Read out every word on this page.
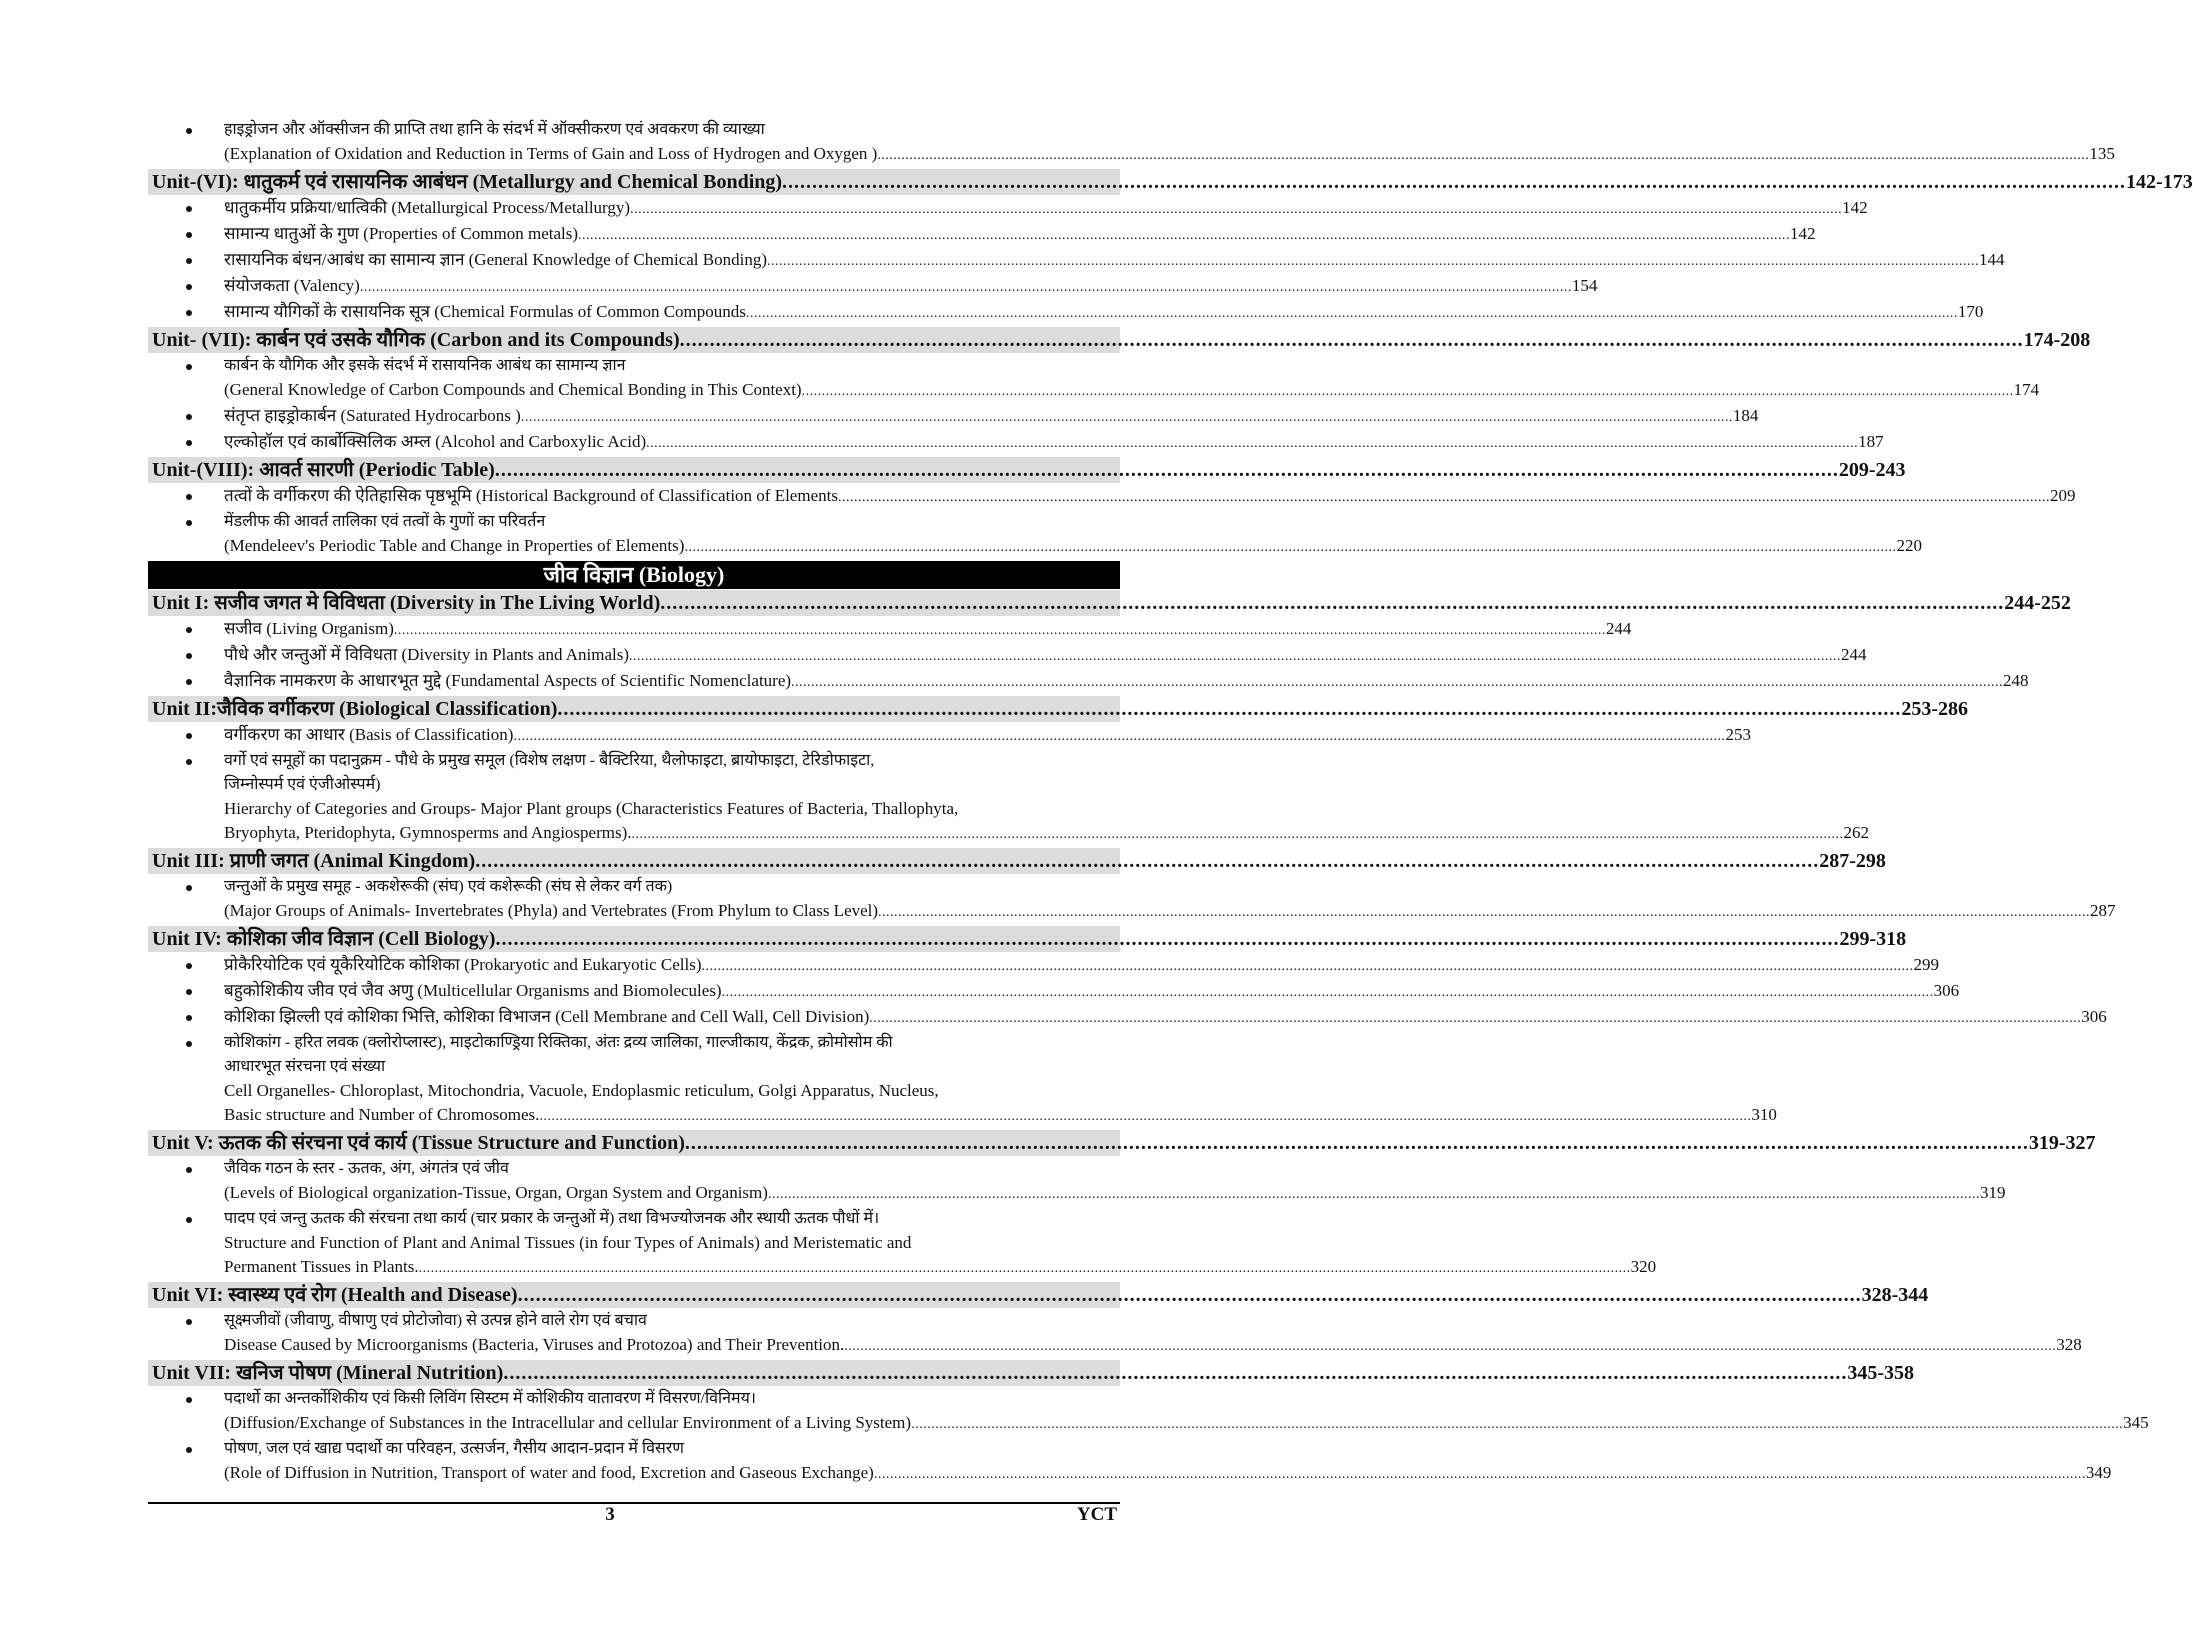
हाइड्रोजन और ऑक्सीजन की प्राप्ति तथा हानि के संदर्भ में ऑक्सीकरण एवं अवकरण की व्याख्या
(Explanation of Oxidation and Reduction in Terms of Gain and Loss of Hydrogen and Oxygen ) .....	135
Unit-(VI): धातुकर्म एवं रासायनिक आबंधन (Metallurgy and Chemical Bonding) .....	142-173
धातुकर्मीय प्रक्रिया/धात्विकी (Metallurgical Process/Metallurgy) .....	142
सामान्य धातुओं के गुण (Properties of Common metals) .....	142
रासायनिक बंधन/आबंध का सामान्य ज्ञान (General Knowledge of Chemical Bonding) .....	144
संयोजकता (Valency) .....	154
सामान्य यौगिकों के रासायनिक सूत्र (Chemical Formulas of Common Compounds .....	170
Unit- (VII): कार्बन एवं उसके यौगिक (Carbon and its Compounds) .....	174-208
कार्बन के यौगिक और इसके संदर्भ में रासायनिक आबंध का सामान्य ज्ञान
(General Knowledge of Carbon Compounds and Chemical Bonding in This Context) .....	174
संतृप्त हाइड्रोकार्बन (Saturated Hydrocarbons ) .....	184
एल्कोहॉल एवं कार्बोक्सिलिक अम्ल (Alcohol and Carboxylic Acid) .....	187
Unit-(VIII): आवर्त सारणी (Periodic Table) .....	209-243
तत्वों के वर्गीकरण की ऐतिहासिक पृष्ठभूमि (Historical Background of Classification of Elements .....	209
मेंडलीफ की आवर्त तालिका एवं तत्वों के गुणों का परिवर्तन
(Mendeleev's Periodic Table and Change in Properties of Elements) .....	220
जीव विज्ञान (Biology)
Unit I: सजीव जगत मे विविधता (Diversity in The Living World) .....	244-252
सजीव (Living Organism) .....	244
पौधे और जन्तुओं में विविधता (Diversity in Plants and Animals) .....	244
वैज्ञानिक नामकरण के आधारभूत मुद्दे (Fundamental Aspects of Scientific Nomenclature) .....	248
Unit II:जैविक वर्गीकरण (Biological Classification) .....	253-286
वर्गीकरण का आधार (Basis of Classification) .....	253
वर्गो एवं समूहों का पदानुक्रम - पौधे के प्रमुख समूल (विशेष लक्षण - बैक्टिरिया, थैलोफाइटा, ब्रायोफाइटा, टेरिडोफाइटा,
जिम्नोस्पर्म एवं एंजीओस्पर्म)
Hierarchy of Categories and Groups- Major Plant groups (Characteristics Features of Bacteria, Thallophyta,
Bryophyta, Pteridophyta, Gymnosperms and Angiosperms). .....	262
Unit III: प्राणी जगत (Animal Kingdom) .....	287-298
जन्तुओं के प्रमुख समूह - अकशेरूकी (संघ) एवं कशेरूकी (संघ से लेकर वर्ग तक)
(Major Groups of Animals- Invertebrates (Phyla) and Vertebrates (From Phylum to Class Level) .....	287
Unit IV: कोशिका जीव विज्ञान (Cell Biology) .....	299-318
प्रोकैरियोटिक एवं यूकैरियोटिक कोशिका (Prokaryotic and Eukaryotic Cells) .....	299
बहुकोशिकीय जीव एवं जैव अणु (Multicellular Organisms and Biomolecules) .....	306
कोशिका झिल्ली एवं कोशिका भित्ति, कोशिका विभाजन (Cell Membrane and Cell Wall, Cell Division) .....	306
कोशिकांग - हरित लवक (क्लोरोप्लास्ट), माइटोकाण्ड्रिया रिक्तिका, अंतः द्रव्य जालिका, गाल्जीकाय, केंद्रक, क्रोमोसोम की
आधारभूत संरचना एवं संख्या
Cell Organelles- Chloroplast, Mitochondria, Vacuole, Endoplasmic reticulum, Golgi Apparatus, Nucleus,
Basic structure and Number of Chromosomes. .....	310
Unit V: ऊतक की संरचना एवं कार्य (Tissue Structure and Function) .....	319-327
जैविक गठन के स्तर - ऊतक, अंग, अंगतंत्र एवं जीव
(Levels of Biological organization-Tissue, Organ, Organ System and Organism) .....	319
पादप एवं जन्तु ऊतक की संरचना तथा कार्य (चार प्रकार के जन्तुओं में) तथा विभज्योजनक और स्थायी ऊतक पौधों में।
Structure and Function of Plant and Animal Tissues (in four Types of Animals) and Meristematic and
Permanent Tissues in Plants. .....	320
Unit VI: स्वास्थ्य एवं रोग (Health and Disease) .....	328-344
सूक्ष्मजीवों (जीवाणु, वीषाणु एवं प्रोटोजोवा) से उत्पन्न होने वाले रोग एवं बचाव
Disease Caused by Microorganisms (Bacteria, Viruses and Protozoa) and Their Prevention. .....	328
Unit VII: खनिज पोषण (Mineral Nutrition) .....	345-358
पदार्थो का अन्तर्कोशिकीय एवं किसी लिविंग सिस्टम में कोशिकीय वातावरण में विसरण/विनिमय।
(Diffusion/Exchange of Substances in the Intracellular and cellular Environment of a Living System) .....	345
पोषण, जल एवं खाद्य पदार्थो का परिवहन, उत्सर्जन, गैसीय आदान-प्रदान में विसरण
(Role of Diffusion in Nutrition, Transport of water and food, Excretion and Gaseous Exchange) .....	349
3	YCT
